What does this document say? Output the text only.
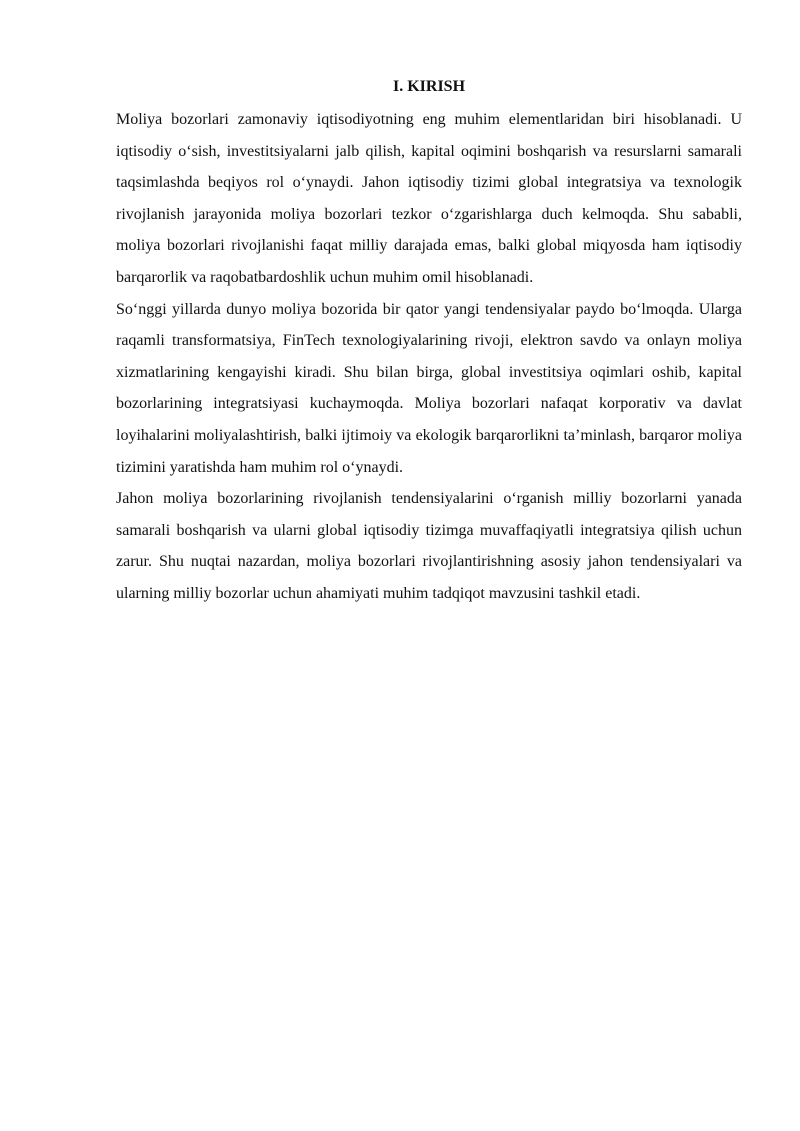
I. KIRISH

Moliya bozorlari zamonaviy iqtisodiyotning eng muhim elementlaridan biri hisoblanadi. U iqtisodiy o‘sish, investitsiyalarni jalb qilish, kapital oqimini boshqarish va resurslarni samarali taqsimlashda beqiyos rol o‘ynaydi. Jahon iqtisodiy tizimi global integratsiya va texnologik rivojlanish jarayonida moliya bozorlari tezkor o‘zgarishlarga duch kelmoqda. Shu sababli, moliya bozorlari rivojlanishi faqat milliy darajada emas, balki global miqyosda ham iqtisodiy barqarorlik va raqobatbardoshlik uchun muhim omil hisoblanadi.

So‘nggi yillarda dunyo moliya bozorida bir qator yangi tendensiyalar paydo bo‘lmoqda. Ularga raqamli transformatsiya, FinTech texnologiyalarining rivoji, elektron savdo va onlayn moliya xizmatlarining kengayishi kiradi. Shu bilan birga, global investitsiya oqimlari oshib, kapital bozorlarining integratsiyasi kuchaymoqda. Moliya bozorlari nafaqat korporativ va davlat loyihalarini moliyalashtirish, balki ijtimoiy va ekologik barqarorlikni ta’minlash, barqaror moliya tizimini yaratishda ham muhim rol o‘ynaydi.

Jahon moliya bozorlarining rivojlanish tendensiyalarini o‘rganish milliy bozorlarni yanada samarali boshqarish va ularni global iqtisodiy tizimga muvaffaqiyatli integratsiya qilish uchun zarur. Shu nuqtai nazardan, moliya bozorlari rivojlantirishning asosiy jahon tendensiyalari va ularning milliy bozorlar uchun ahamiyati muhim tadqiqot mavzusini tashkil etadi.
